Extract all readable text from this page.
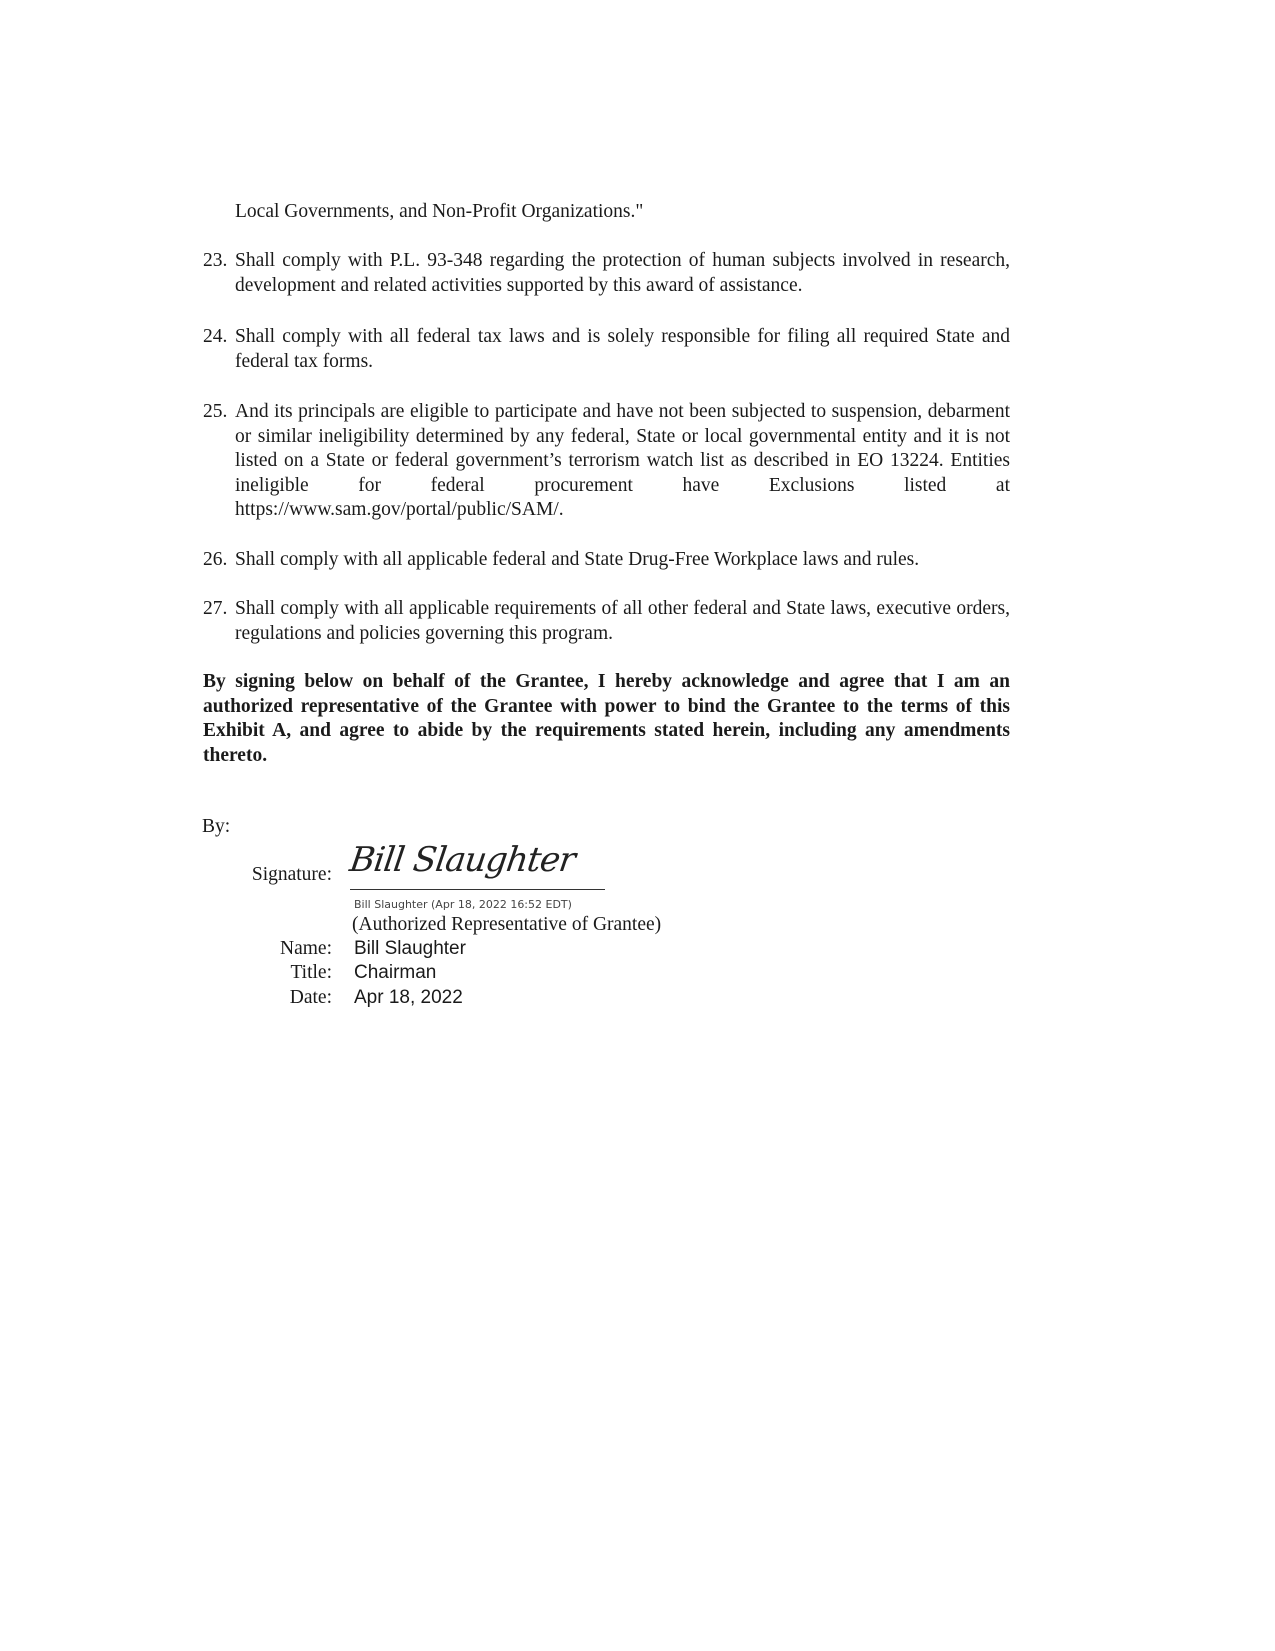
Local Governments, and Non-Profit Organizations."
23. Shall comply with P.L. 93-348 regarding the protection of human subjects involved in research, development and related activities supported by this award of assistance.
24. Shall comply with all federal tax laws and is solely responsible for filing all required State and federal tax forms.
25. And its principals are eligible to participate and have not been subjected to suspension, debarment or similar ineligibility determined by any federal, State or local governmental entity and it is not listed on a State or federal government’s terrorism watch list as described in EO 13224. Entities ineligible for federal procurement have Exclusions listed at https://www.sam.gov/portal/public/SAM/.
26. Shall comply with all applicable federal and State Drug-Free Workplace laws and rules.
27. Shall comply with all applicable requirements of all other federal and State laws, executive orders, regulations and policies governing this program.
By signing below on behalf of the Grantee, I hereby acknowledge and agree that I am an authorized representative of the Grantee with power to bind the Grantee to the terms of this Exhibit A, and agree to abide by the requirements stated herein, including any amendments thereto.
By:
Signature: Bill Slaughter
Bill Slaughter (Apr 18, 2022 16:52 EDT)
(Authorized Representative of Grantee)
Name: Bill Slaughter
Title: Chairman
Date: Apr 18, 2022
